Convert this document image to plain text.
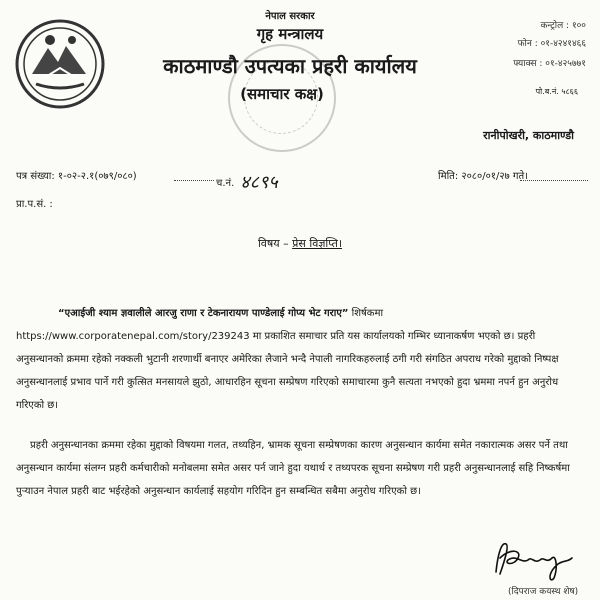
नेपाल सरकार
गृह मन्त्रालय
काठमाण्डौ उपत्यका प्रहरी कार्यालय
(समाचार कक्ष)
कन्ट्रोल : १००
फोन : ०१-४२४१४६६
फ्याक्स : ०१-४२५७७१
पो.ब.नं. ५८६६
रानीपोखरी, काठमाण्डौ
पत्र संख्या: १-०२-२.१(०७९/०८०)
च.नं. ४८९५	मिति: २०८०/०१/२७ गते।
प्रा.प.सं. :
विषय – प्रेस विज्ञप्ति।

“एआईजी श्याम ज्ञवालीले आरजु राणा र टेकनारायण पाण्डेलाई गोप्य भेट गराए” शिर्षकमा https://www.corporatenepal.com/story/239243 मा प्रकाशित समाचार प्रति यस कार्यालयको गम्भिर ध्यानाकर्षण भएको छ। प्रहरी अनुसन्धानको क्रममा रहेको नक्कली भुटानी शरणार्थी बनाएर अमेरिका लैजाने भन्दै नेपाली नागरिकहरुलाई ठगी गरी संगठित अपराध गरेको मुद्दाको निष्पक्ष अनुसन्धानलाई प्रभाव पार्ने गरी कुत्सित मनसायले झुठो, आधारहिन सूचना सम्प्रेषण गरिएको समाचारमा कुनै सत्यता नभएको हुदा भ्रममा नपर्न हुन अनुरोध गरिएको छ।

प्रहरी अनुसन्धानका क्रममा रहेका मुद्दाको विषयमा गलत, तथ्यहिन, भ्रामक सूचना सम्प्रेषणका कारण अनुसन्धान कार्यमा समेत नकारात्मक असर पर्ने तथा अनुसन्धान कार्यमा संलग्न प्रहरी कर्मचारीको मनोबलमा समेत असर पर्न जाने हुदा यथार्थ र तथ्यपरक सूचना सम्प्रेषण गरी प्रहरी अनुसन्धानलाई सहि निष्कर्षमा पुऱ्याउन नेपाल प्रहरी बाट भईरहेको अनुसन्धान कार्यलाई सहयोग गरिदिन हुन सम्बन्धित सबैमा अनुरोध गरिएको छ।

(दिपराज कयस्थ शेष)
